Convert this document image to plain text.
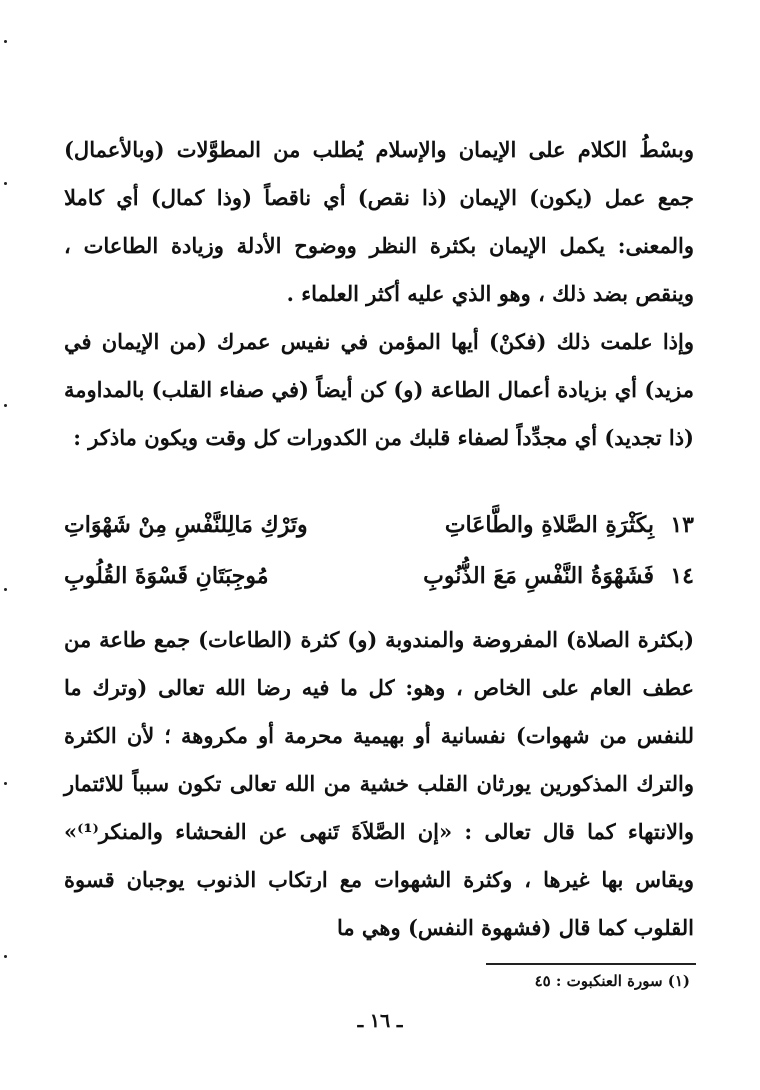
وبسْطُ الكلام على الإيمان والإسلام يُطلب من المطوَّلات (وبالأعمال) جمع عمل (يكون) الإيمان (ذا نقص) أي ناقصاً (وذا كمال) أي كاملا والمعنى: يكمل الإيمان بكثرة النظر ووضوح الأدلة وزيادة الطاعات ، وينقص بضد ذلك ، وهو الذي عليه أكثر العلماء .

وإذا علمت ذلك (فكنْ) أيها المؤمن في نفيس عمرك (من الإيمان في مزيد) أي بزيادة أعمال الطاعة (و) كن أيضاً (في صفاء القلب) بالمداومة (ذا تجديد) أي مجدِّداً لصفاء قلبك من الكدورات كل وقت ويكون ماذكر :

١٣
بِكَثْرَةِ الصَّلاةِ والطَّاعَاتِ
وتَرْكِ مَالِلنَّفْسِ مِنْ شَهْوَاتِ
١٤
فَشَهْوَةُ النَّفْسِ مَعَ الذُّنُوبِ
مُوجِبَتَانِ قَسْوَةَ القُلُوبِ

(بكثرة الصلاة) المفروضة والمندوبة (و) كثرة (الطاعات) جمع طاعة من عطف العام على الخاص ، وهو: كل ما فيه رضا الله تعالى (وترك ما للنفس من شهوات) نفسانية أو بهيمية محرمة أو مكروهة ؛ لأن الكثرة والترك المذكورين يورثان القلب خشية من الله تعالى تكون سبباً للائتمار والانتهاء كما قال تعالى : «إن الصَّلاَةَ تَنهى عن الفحشاء والمنكر⁽¹⁾» ويقاس بها غيرها ، وكثرة الشهوات مع ارتكاب الذنوب يوجبان قسوة القلوب كما قال (فشهوة النفس) وهي ما

(١) سورة العنكبوت : ٤٥
ـ ١٦ ـ
